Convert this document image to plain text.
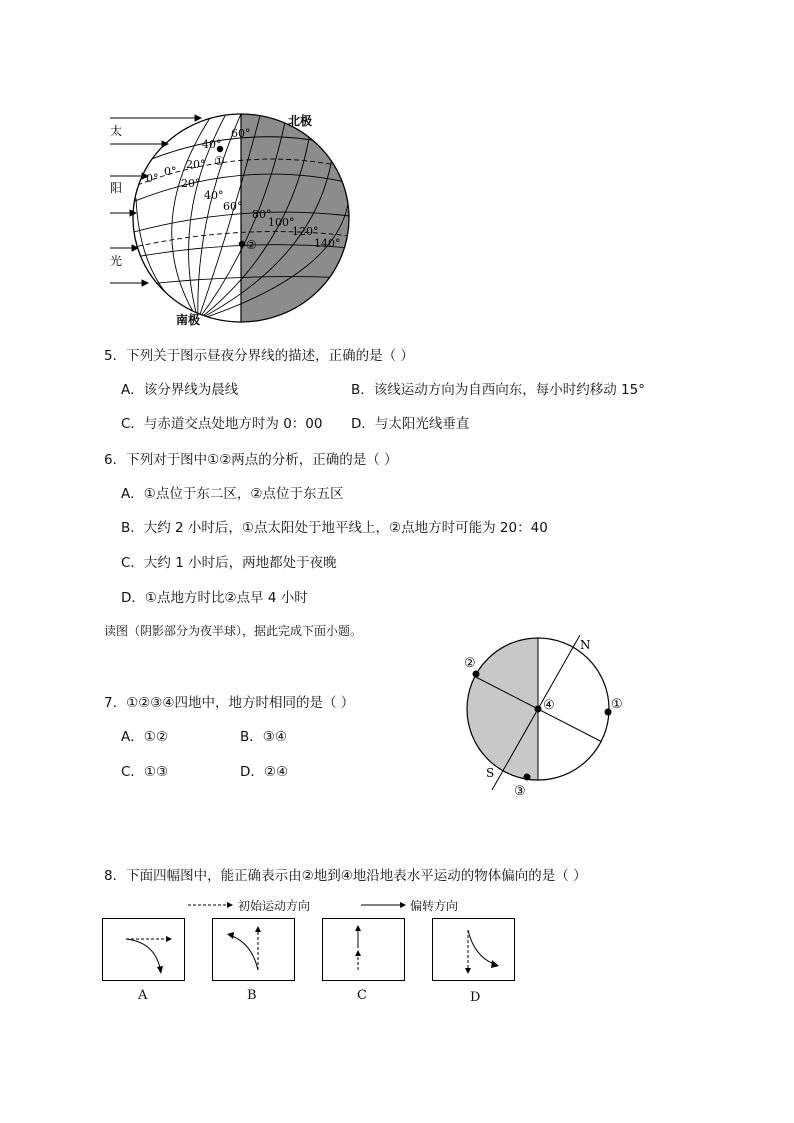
太
阳
光
北极
南极
60°
40°
20°
0°
20°
40°
60°
0°
80°
100°
120°
140°
①
②
5．下列关于图示昼夜分界线的描述，正确的是（ ）
A．该分界线为晨线	B．该线运动方向为自西向东，每小时约移动 15°
C．与赤道交点处地方时为 0：00 D．与太阳光线垂直
6．下列对于图中①②两点的分析，正确的是（ ）
A．①点位于东二区，②点位于东五区
B．大约 2 小时后，①点太阳处于地平线上，②点地方时可能为 20：40
C．大约 1 小时后，两地都处于夜晚
D．①点地方时比②点早 4 小时
读图（阴影部分为夜半球），据此完成下面小题。
N
S
②
①
③
④
7．①②③④四地中，地方时相同的是（ ）
A．①②	B．③④
C．①③	D．②④
8．下面四幅图中，能正确表示由②地到④地沿地表水平运动的物体偏向的是（ ）
初始运动方向	偏转方向
A	B	C	D
